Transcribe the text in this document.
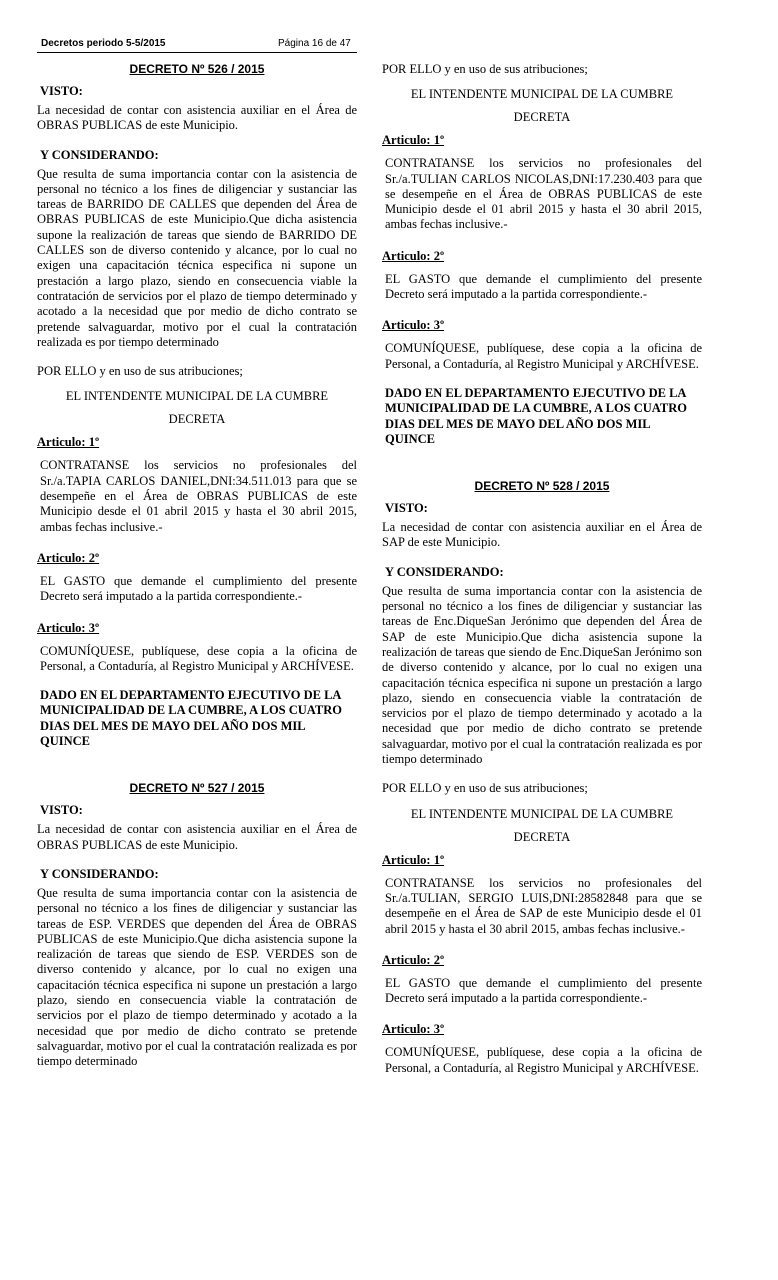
Decretos periodo 5-5/2015	Página 16 de 47
DECRETO Nº 526 / 2015
VISTO:
La necesidad de contar con asistencia auxiliar en el Área de OBRAS PUBLICAS de este Municipio.
Y CONSIDERANDO:
Que resulta de suma importancia contar con la asistencia de personal no técnico a los fines de diligenciar y sustanciar las tareas de BARRIDO DE CALLES que dependen del Área de OBRAS PUBLICAS de este Municipio.Que dicha asistencia supone la realización de tareas que siendo de BARRIDO DE CALLES son de diverso contenido y alcance, por lo cual no exigen una capacitación técnica especifica ni supone un prestación a largo plazo, siendo en consecuencia viable la contratación de servicios por el plazo de tiempo determinado y acotado a la necesidad que por medio de dicho contrato se pretende salvaguardar, motivo por el cual la contratación realizada es por tiempo determinado
POR ELLO y en uso de sus atribuciones;
EL INTENDENTE MUNICIPAL DE LA CUMBRE
DECRETA
Articulo: 1º
CONTRATANSE los servicios no profesionales del Sr./a.TAPIA CARLOS DANIEL,DNI:34.511.013 para que se desempeñe en el Área de OBRAS PUBLICAS de este Municipio desde el 01 abril 2015 y hasta el 30 abril 2015, ambas fechas inclusive.-
Articulo: 2º
EL GASTO que demande el cumplimiento del presente Decreto será imputado a la partida correspondiente.-
Articulo: 3º
COMUNÍQUESE, publíquese, dese copia a la oficina de Personal, a Contaduría, al Registro Municipal y ARCHÍVESE.
DADO EN EL DEPARTAMENTO EJECUTIVO DE LA MUNICIPALIDAD DE LA CUMBRE, A LOS CUATRO DIAS DEL MES DE MAYO DEL AÑO DOS MIL QUINCE
DECRETO Nº 527 / 2015
VISTO:
La necesidad de contar con asistencia auxiliar en el Área de OBRAS PUBLICAS de este Municipio.
Y CONSIDERANDO:
Que resulta de suma importancia contar con la asistencia de personal no técnico a los fines de diligenciar y sustanciar las tareas de ESP. VERDES que dependen del Área de OBRAS PUBLICAS de este Municipio.Que dicha asistencia supone la realización de tareas que siendo de ESP. VERDES son de diverso contenido y alcance, por lo cual no exigen una capacitación técnica especifica ni supone un prestación a largo plazo, siendo en consecuencia viable la contratación de servicios por el plazo de tiempo determinado y acotado a la necesidad que por medio de dicho contrato se pretende salvaguardar, motivo por el cual la contratación realizada es por tiempo determinado
POR ELLO y en uso de sus atribuciones;
EL INTENDENTE MUNICIPAL DE LA CUMBRE
DECRETA
Articulo: 1º
CONTRATANSE los servicios no profesionales del Sr./a.TULIAN CARLOS NICOLAS,DNI:17.230.403 para que se desempeñe en el Área de OBRAS PUBLICAS de este Municipio desde el 01 abril 2015 y hasta el 30 abril 2015, ambas fechas inclusive.-
Articulo: 2º
EL GASTO que demande el cumplimiento del presente Decreto será imputado a la partida correspondiente.-
Articulo: 3º
COMUNÍQUESE, publíquese, dese copia a la oficina de Personal, a Contaduría, al Registro Municipal y ARCHÍVESE.
DADO EN EL DEPARTAMENTO EJECUTIVO DE LA MUNICIPALIDAD DE LA CUMBRE, A LOS CUATRO DIAS DEL MES DE MAYO DEL AÑO DOS MIL QUINCE
DECRETO Nº 528 / 2015
VISTO:
La necesidad de contar con asistencia auxiliar en el Área de SAP de este Municipio.
Y CONSIDERANDO:
Que resulta de suma importancia contar con la asistencia de personal no técnico a los fines de diligenciar y sustanciar las tareas de Enc.DiqueSan Jerónimo que dependen del Área de SAP de este Municipio.Que dicha asistencia supone la realización de tareas que siendo de Enc.DiqueSan Jerónimo son de diverso contenido y alcance, por lo cual no exigen una capacitación técnica especifica ni supone un prestación a largo plazo, siendo en consecuencia viable la contratación de servicios por el plazo de tiempo determinado y acotado a la necesidad que por medio de dicho contrato se pretende salvaguardar, motivo por el cual la contratación realizada es por tiempo determinado
POR ELLO y en uso de sus atribuciones;
EL INTENDENTE MUNICIPAL DE LA CUMBRE
DECRETA
Articulo: 1º
CONTRATANSE los servicios no profesionales del Sr./a.TULIAN, SERGIO LUIS,DNI:28582848 para que se desempeñe en el Área de SAP de este Municipio desde el 01 abril 2015 y hasta el 30 abril 2015, ambas fechas inclusive.-
Articulo: 2º
EL GASTO que demande el cumplimiento del presente Decreto será imputado a la partida correspondiente.-
Articulo: 3º
COMUNÍQUESE, publíquese, dese copia a la oficina de Personal, a Contaduría, al Registro Municipal y ARCHÍVESE.
